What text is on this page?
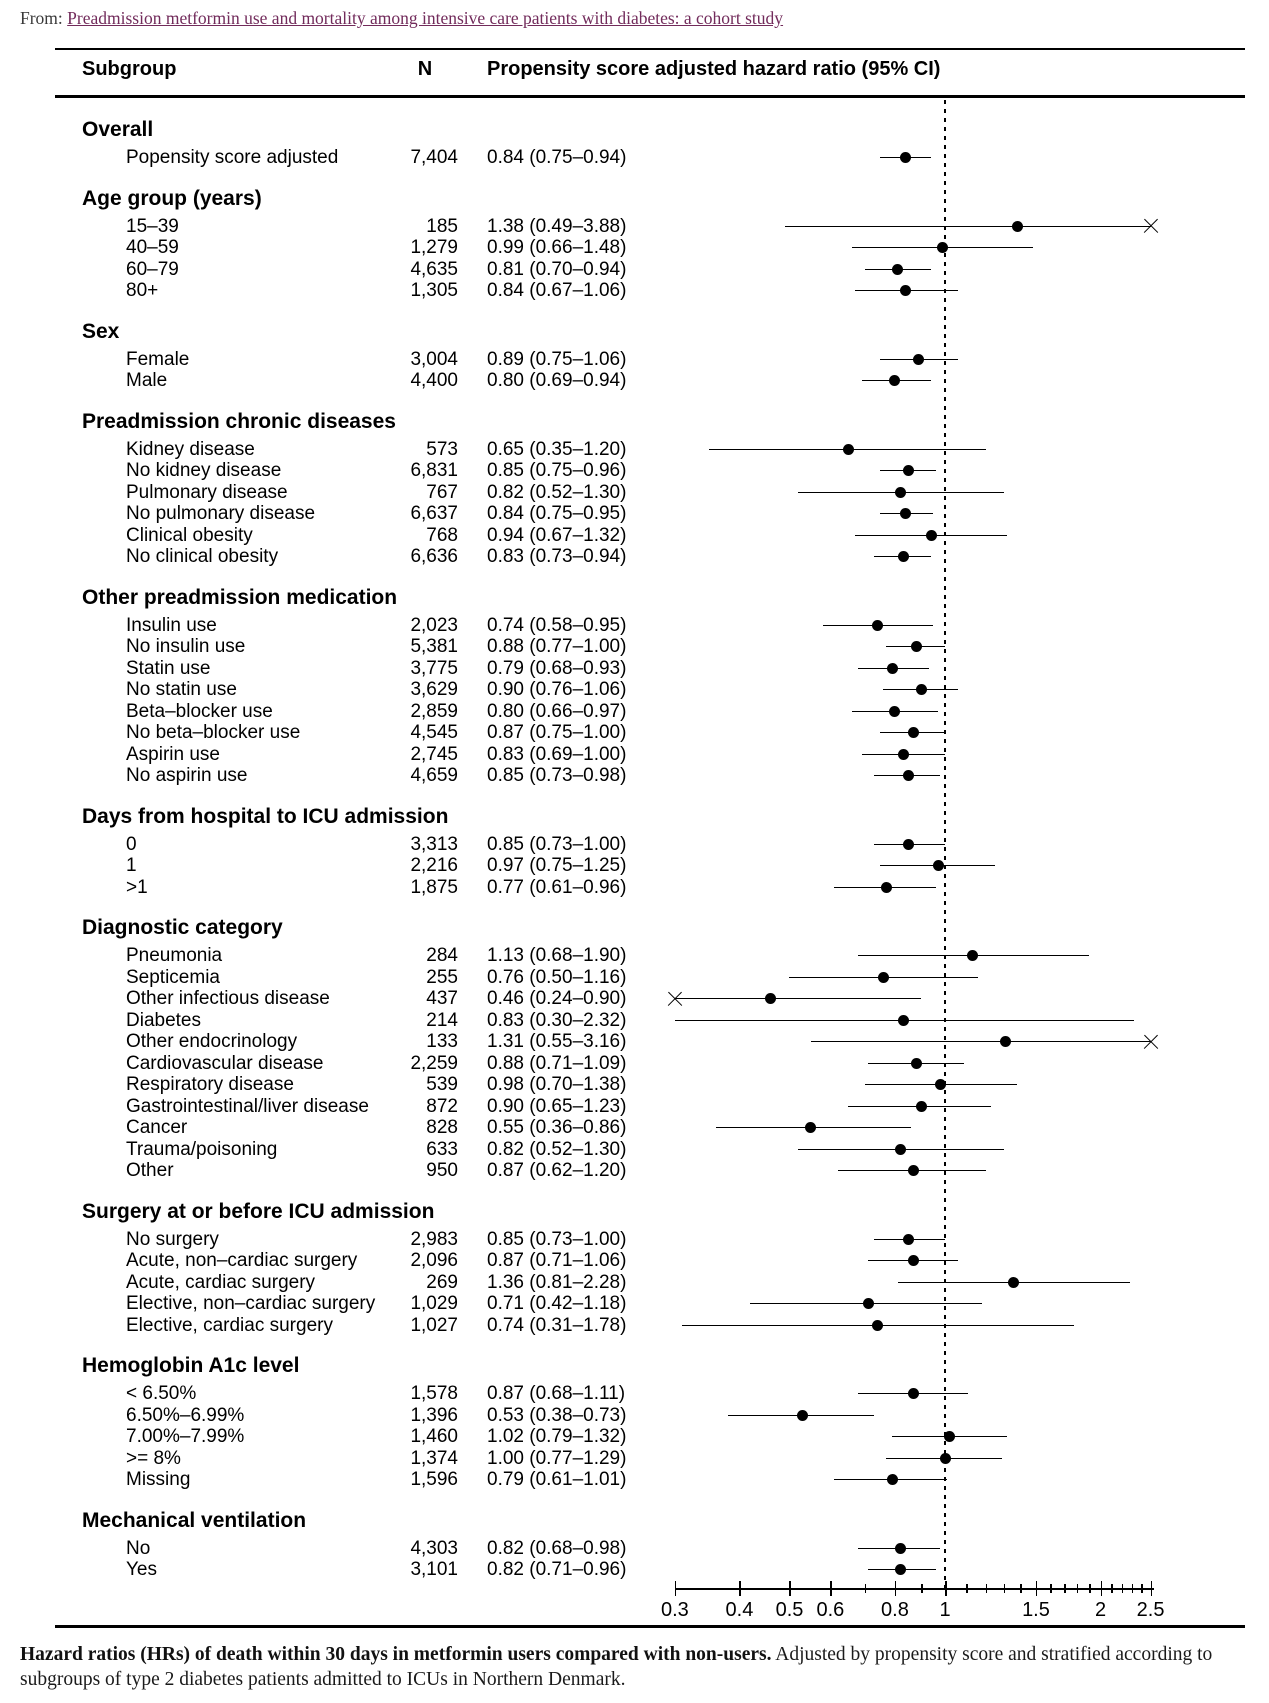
From: Preadmission metformin use and mortality among intensive care patients with diabetes: a cohort study
Subgroup	N	Propensity score adjusted hazard ratio (95% CI)
Overall
Popensity score adjusted	7,404 0.84 (0.75–0.94)
Age group (years)
15–39	185 1.38 (0.49–3.88)
40–59	1,279 0.99 (0.66–1.48)
60–79	4,635 0.81 (0.70–0.94)
80+	1,305 0.84 (0.67–1.06)
Sex
Female	3,004 0.89 (0.75–1.06)
Male	4,400 0.80 (0.69–0.94)
Preadmission chronic diseases
Kidney disease	573 0.65 (0.35–1.20)
No kidney disease	6,831 0.85 (0.75–0.96)
Pulmonary disease	767 0.82 (0.52–1.30)
No pulmonary disease	6,637 0.84 (0.75–0.95)
Clinical obesity	768 0.94 (0.67–1.32)
No clinical obesity	6,636 0.83 (0.73–0.94)
Other preadmission medication
Insulin use	2,023 0.74 (0.58–0.95)
No insulin use	5,381 0.88 (0.77–1.00)
Statin use	3,775 0.79 (0.68–0.93)
No statin use	3,629 0.90 (0.76–1.06)
Beta–blocker use	2,859 0.80 (0.66–0.97)
No beta–blocker use	4,545 0.87 (0.75–1.00)
Aspirin use	2,745 0.83 (0.69–1.00)
No aspirin use	4,659 0.85 (0.73–0.98)
Days from hospital to ICU admission
0	3,313 0.85 (0.73–1.00)
1	2,216 0.97 (0.75–1.25)
>1	1,875 0.77 (0.61–0.96)
Diagnostic category
Pneumonia	284 1.13 (0.68–1.90)
Septicemia	255 0.76 (0.50–1.16)
Other infectious disease	437 0.46 (0.24–0.90)
Diabetes	214 0.83 (0.30–2.32)
Other endocrinology	133 1.31 (0.55–3.16)
Cardiovascular disease	2,259 0.88 (0.71–1.09)
Respiratory disease	539 0.98 (0.70–1.38)
Gastrointestinal/liver disease	872 0.90 (0.65–1.23)
Cancer	828 0.55 (0.36–0.86)
Trauma/poisoning	633 0.82 (0.52–1.30)
Other	950 0.87 (0.62–1.20)
Surgery at or before ICU admission
No surgery	2,983 0.85 (0.73–1.00)
Acute, non–cardiac surgery	2,096 0.87 (0.71–1.06)
Acute, cardiac surgery	269 1.36 (0.81–2.28)
Elective, non–cardiac surgery	1,029 0.71 (0.42–1.18)
Elective, cardiac surgery	1,027 0.74 (0.31–1.78)
Hemoglobin A1c level
< 6.50%	1,578 0.87 (0.68–1.11)
6.50%–6.99%	1,396 0.53 (0.38–0.73)
7.00%–7.99%	1,460 1.02 (0.79–1.32)
>= 8%	1,374 1.00 (0.77–1.29)
Missing	1,596 0.79 (0.61–1.01)
Mechanical ventilation
No	4,303 0.82 (0.68–0.98)
Yes	3,101 0.82 (0.71–0.96)
0.3	0.4	0.5 0.6	0.8	1	1.5	2	2.5
Hazard ratios (HRs) of death within 30 days in metformin users compared with non-users. Adjusted by propensity score and stratified according to subgroups of type 2 diabetes patients admitted to ICUs in Northern Denmark.
